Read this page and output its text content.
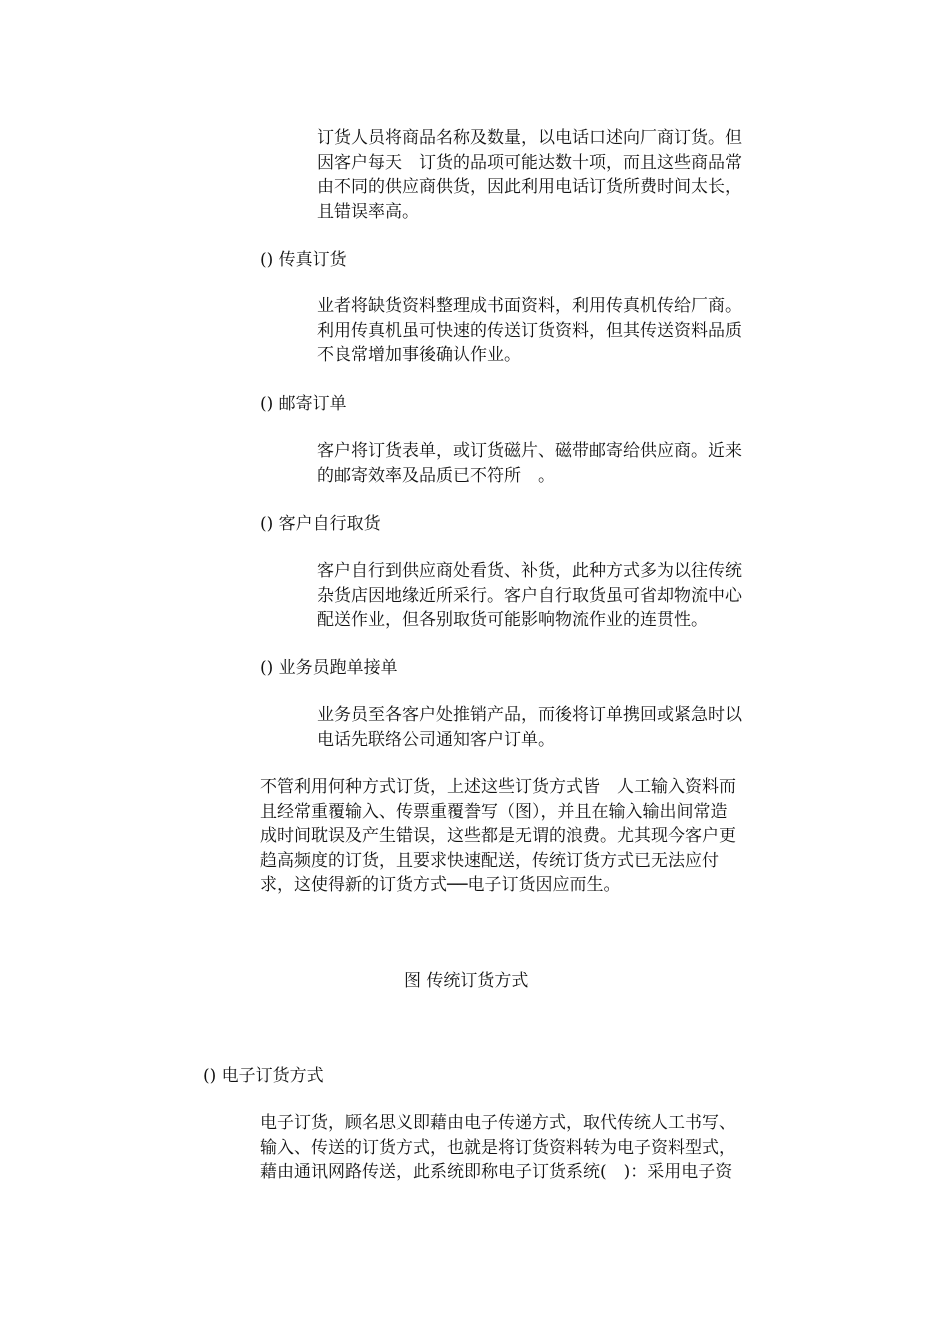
订货人员将商品名称及数量，以电话口述向厂商订货。但
因客户每天　订货的品项可能达数十项，而且这些商品常
由不同的供应商供货，因此利用电话订货所费时间太长，
且错误率高。
() 传真订货
业者将缺货资料整理成书面资料，利用传真机传给厂商。
利用传真机虽可快速的传送订货资料，但其传送资料品质
不良常增加事後确认作业。
() 邮寄订单
客户将订货表单，或订货磁片、磁带邮寄给供应商。近来
的邮寄效率及品质已不符所　。
() 客户自行取货
客户自行到供应商处看货、补货，此种方式多为以往传统
杂货店因地缘近所采行。客户自行取货虽可省却物流中心
配送作业，但各别取货可能影响物流作业的连贯性。
() 业务员跑单接单
业务员至各客户处推销产品，而後将订单携回或紧急时以
电话先联络公司通知客户订单。
不管利用何种方式订货，上述这些订货方式皆　人工输入资料而
且经常重覆输入、传票重覆誊写（图），并且在输入输出间常造
成时间耽误及产生错误，这些都是无谓的浪费。尤其现今客户更
趋高频度的订货，且要求快速配送，传统订货方式已无法应付
求，这使得新的订货方式──电子订货因应而生。
图 传统订货方式
() 电子订货方式
电子订货，顾名思义即藉由电子传递方式，取代传统人工书写、
输入、传送的订货方式，也就是将订货资料转为电子资料型式，
藉由通讯网路传送，此系统即称电子订货系统(　)：采用电子资
